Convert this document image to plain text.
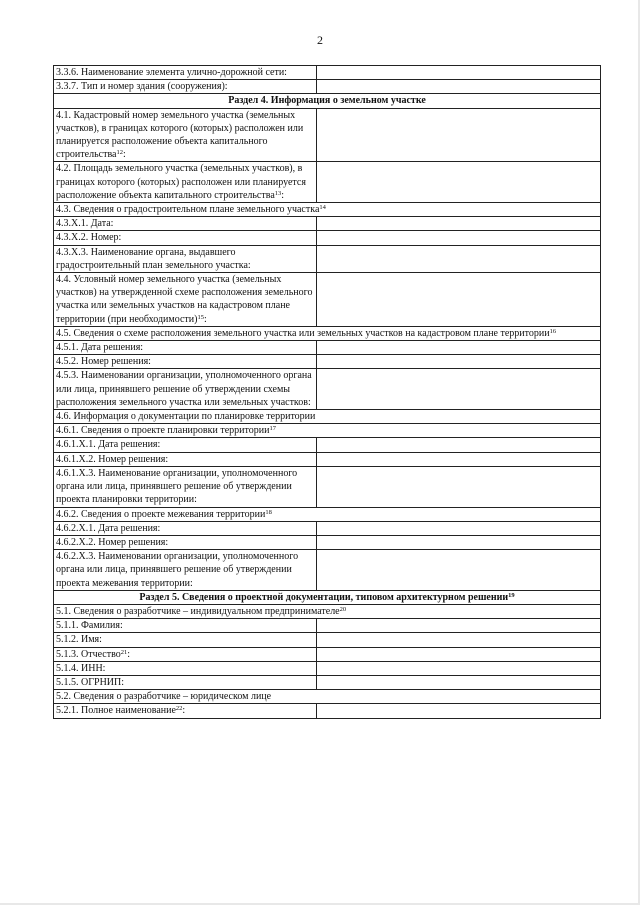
2
3.3.6. Наименование элемента улично-дорожной сети:	
3.3.7. Тип и номер здания (сооружения):	
Раздел 4. Информация о земельном участке	
4.1. Кадастровый номер земельного участка (земельных участков), в границах которого (которых) расположен или планируется расположение объекта капитального строительства$^{12}$:	
4.2. Площадь земельного участка (земельных участков), в границах которого (которых) расположен или планируется расположение объекта капитального строительства$^{13}$:	
4.3. Сведения о градостроительном плане земельного участка$^{14}$
4.3.Х.1. Дата:	
4.3.Х.2. Номер:	
4.3.Х.3. Наименование органа, выдавшего градостроительный план земельного участка:	
4.4. Условный номер земельного участка (земельных участков) на утвержденной схеме расположения земельного участка или земельных участков на кадастровом плане территории (при необходимости)$^{15}$:	
4.5. Сведения о схеме расположения земельного участка или земельных участков на кадастровом плане территории$^{16}$
4.5.1. Дата решения:	
4.5.2. Номер решения:	
4.5.3. Наименовании организации, уполномоченного органа или лица, принявшего решение об утверждении схемы расположения земельного участка или земельных участков:	
4.6. Информация о документации по планировке территории	
4.6.1. Сведения о проекте планировки территории$^{17}$
4.6.1.Х.1. Дата решения:	
4.6.1.Х.2. Номер решения:	
4.6.1.Х.3. Наименование организации, уполномоченного органа или лица, принявшего решение об утверждении проекта планировки территории:	
4.6.2. Сведения о проекте межевания территории$^{18}$
4.6.2.Х.1. Дата решения:	
4.6.2.Х.2. Номер решения:	
4.6.2.Х.3. Наименовании организации, уполномоченного органа или лица, принявшего решение об утверждении проекта межевания территории:	
Раздел 5. Сведения о проектной документации, типовом архитектурном решении$^{19}$
5.1. Сведения о разработчике – индивидуальном предпринимателе$^{20}$
5.1.1. Фамилия:	
5.1.2. Имя:	
5.1.3. Отчество$^{21}$:	
5.1.4. ИНН:	
5.1.5. ОГРНИП:	
5.2. Сведения о разработчике – юридическом лице	
5.2.1. Полное наименование$^{22}$:	
